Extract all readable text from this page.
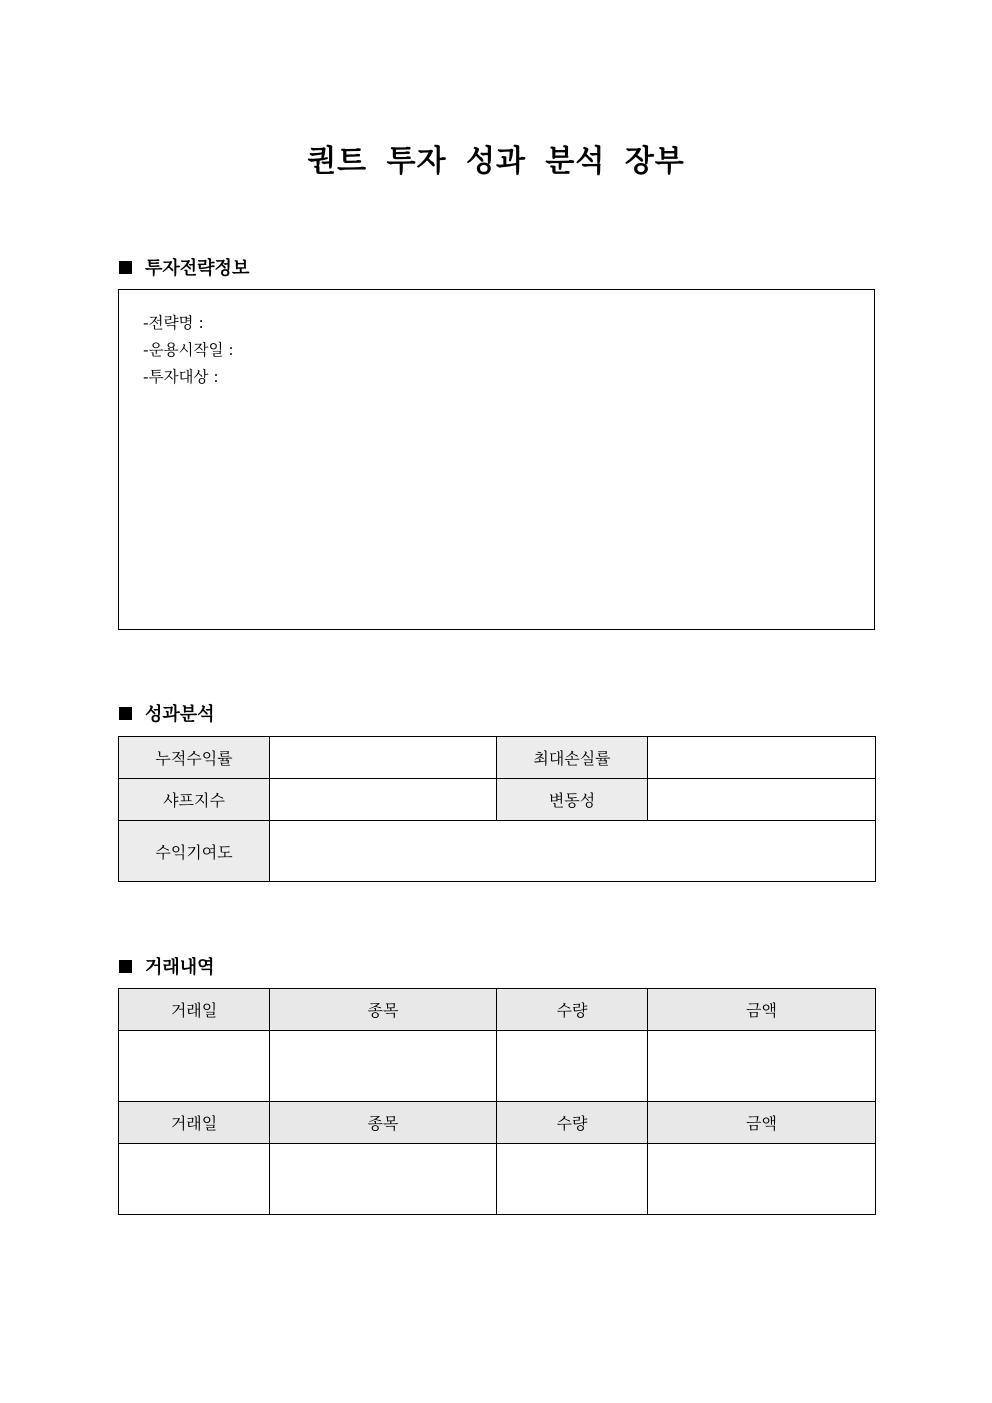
퀀트 투자 성과 분석 장부
투자전략정보
-전략명 :
-운용시작일 :
-투자대상 :
성과분석
누적수익률		최대손실률	
샤프지수		변동성	
수익기여도			
거래내역
거래일	종목	수량	금액

거래일	종목	수량	금액
